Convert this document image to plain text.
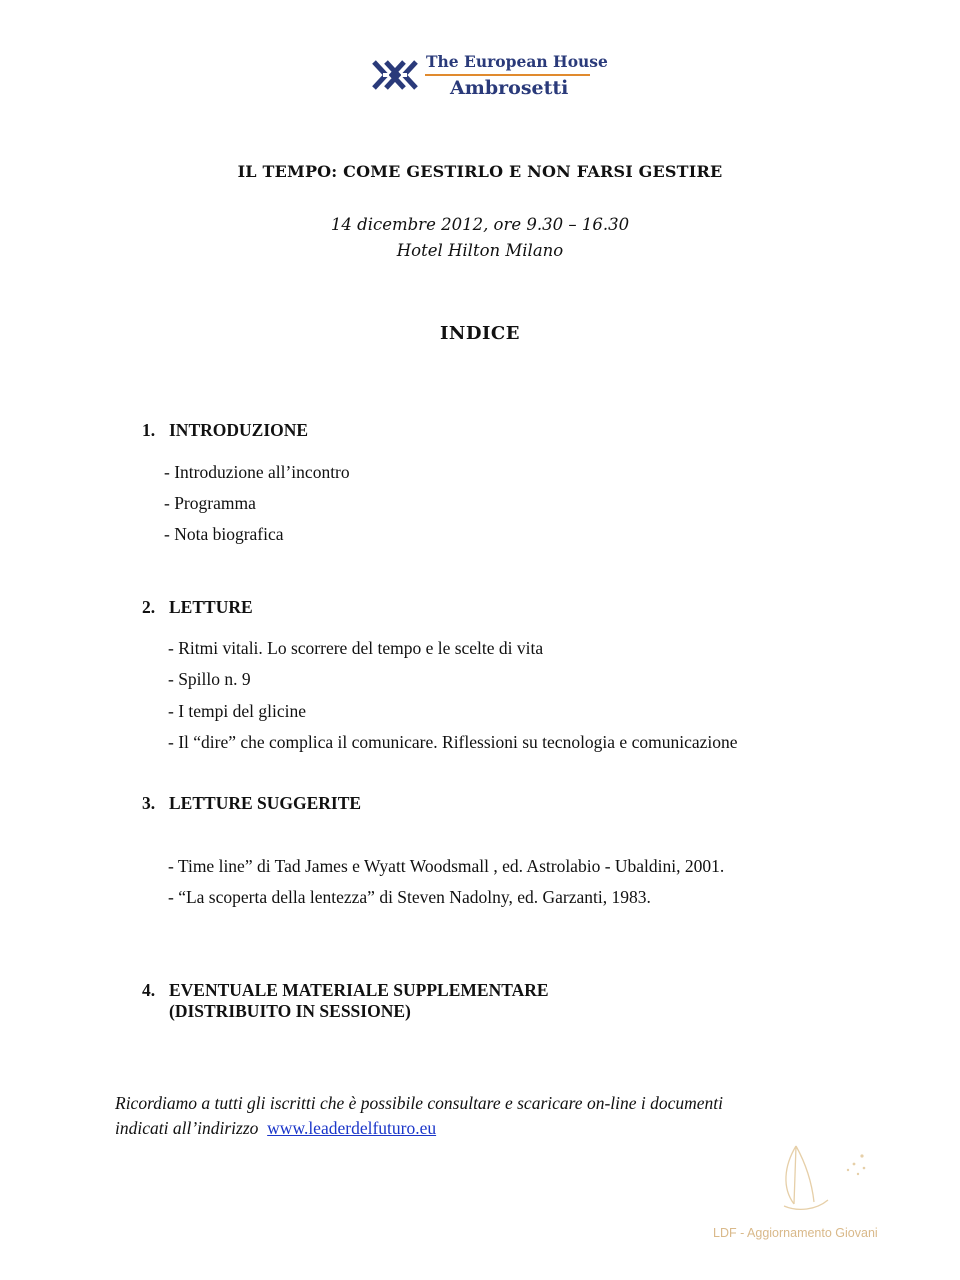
The European House
Ambrosetti
IL TEMPO: COME GESTIRLO E NON FARSI GESTIRE
14 dicembre 2012, ore 9.30 – 16.30
Hotel Hilton Milano
INDICE
1. INTRODUZIONE
- Introduzione all’incontro
- Programma
- Nota biografica
2. LETTURE
- Ritmi vitali. Lo scorrere del tempo e le scelte di vita
- Spillo n. 9
- I tempi del glicine
- Il “dire” che complica il comunicare. Riflessioni su tecnologia e comunicazione
3. LETTURE SUGGERITE
- Time line” di Tad James e Wyatt Woodsmall , ed. Astrolabio - Ubaldini, 2001.
- “La scoperta della lentezza” di Steven Nadolny, ed. Garzanti, 1983.
4. EVENTUALE MATERIALE SUPPLEMENTARE
(DISTRIBUITO IN SESSIONE)
Ricordiamo a tutti gli iscritti che è possibile consultare e scaricare on-line i documenti
indicati all’indirizzo www.leaderdelfuturo.eu
LDF - Aggiornamento Giovani
